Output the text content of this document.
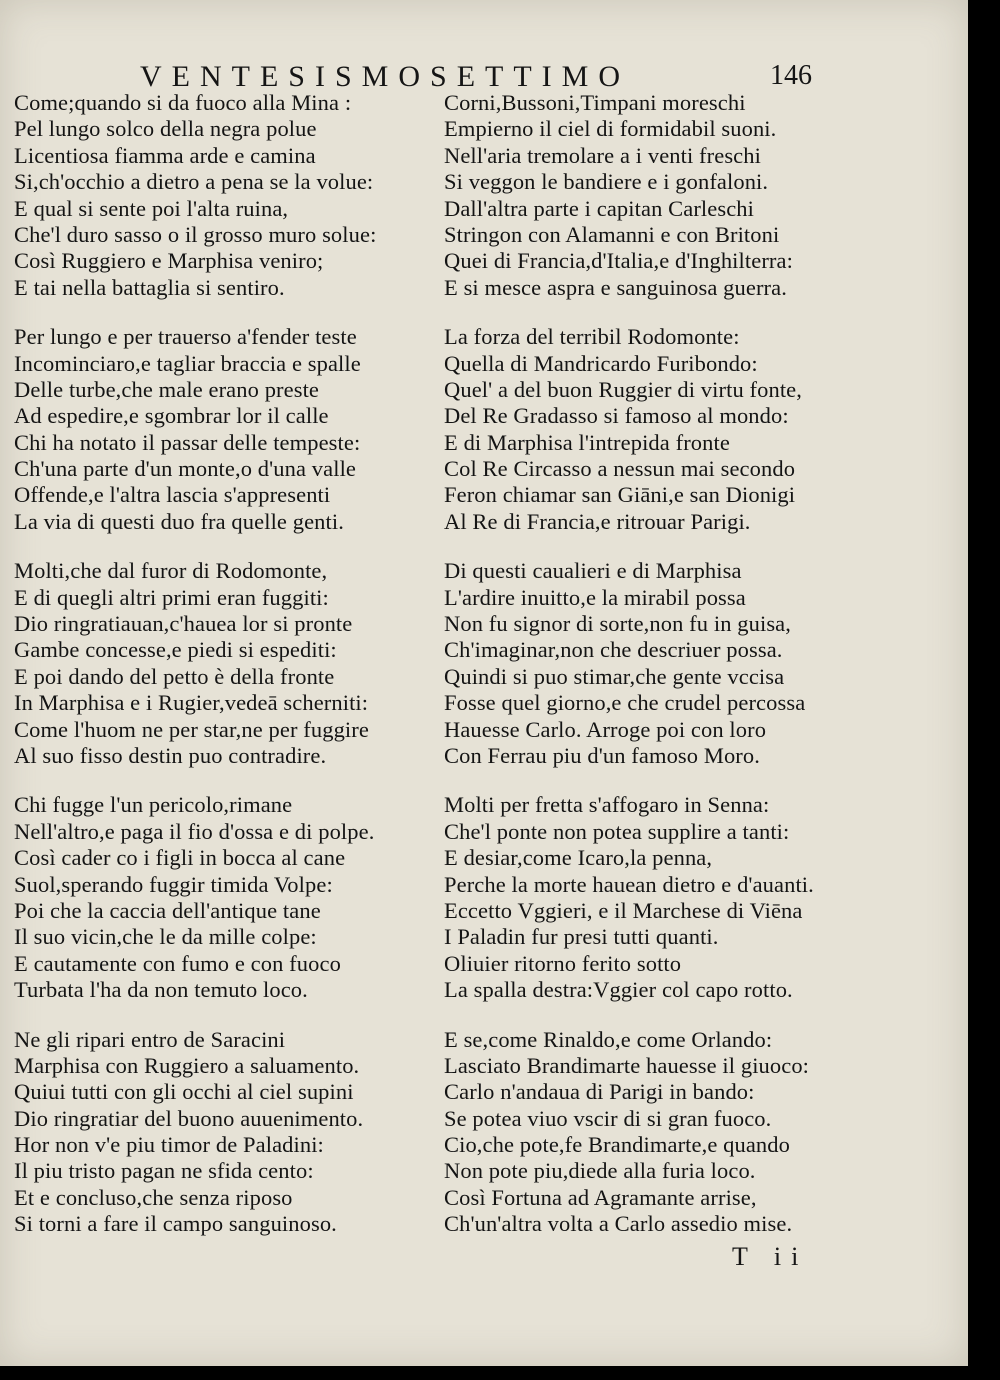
VENTESISMOSETTIMO	146
Come;quando si da fuoco alla Mina :
Pel lungo solco della negra polue
Licentiosa fiamma arde e camina
Si,ch'occhio a dietro a pena se la volue:
E qual si sente poi l'alta ruina,
Che'l duro sasso o il grosso muro solue:
Così Ruggiero e Marphisa veniro;
E tai nella battaglia si sentiro.
Per lungo e per trauerso a'fender teste
Incominciaro,e tagliar braccia e spalle
Delle turbe,che male erano preste
Ad espedire,e sgombrar lor il calle
Chi ha notato il passar delle tempeste:
Ch'una parte d'un monte,o d'una valle
Offende,e l'altra lascia s'appresenti
La via di questi duo fra quelle genti.
Molti,che dal furor di Rodomonte,
E di quegli altri primi eran fuggiti:
Dio ringratiauan,c'hauea lor si pronte
Gambe concesse,e piedi si espediti:
E poi dando del petto è della fronte
In Marphisa e i Rugier,vedeā scherniti:
Come l'huom ne per star,ne per fuggire
Al suo fisso destin puo contradire.
Chi fugge l'un pericolo,rimane
Nell'altro,e paga il fio d'ossa e di polpe.
Così cader co i figli in bocca al cane
Suol,sperando fuggir timida Volpe:
Poi che la caccia dell'antique tane
Il suo vicin,che le da mille colpe:
E cautamente con fumo e con fuoco
Turbata l'ha da non temuto loco.
Ne gli ripari entro de Saracini
Marphisa con Ruggiero a saluamento.
Quiui tutti con gli occhi al ciel supini
Dio ringratiar del buono auuenimento.
Hor non v'e piu timor de Paladini:
Il piu tristo pagan ne sfida cento:
Et e concluso,che senza riposo
Si torni a fare il campo sanguinoso.
Corni,Bussoni,Timpani moreschi
Empierno il ciel di formidabil suoni.
Nell'aria tremolare a i venti freschi
Si veggon le bandiere e i gonfaloni.
Dall'altra parte i capitan Carleschi
Stringon con Alamanni e con Britoni
Quei di Francia,d'Italia,e d'Inghilterra:
E si mesce aspra e sanguinosa guerra.
La forza del terribil Rodomonte:
Quella di Mandricardo Furibondo:
Quel' a del buon Ruggier di virtu fonte,
Del Re Gradasso si famoso al mondo:
E di Marphisa l'intrepida fronte
Col Re Circasso a nessun mai secondo
Feron chiamar san Giāni,e san Dionigi
Al Re di Francia,e ritrouar Parigi.
Di questi caualieri e di Marphisa
L'ardire inuitto,e la mirabil possa
Non fu signor di sorte,non fu in guisa,
Ch'imaginar,non che descriuer possa.
Quindi si puo stimar,che gente vccisa
Fosse quel giorno,e che crudel percossa
Hauesse Carlo. Arroge poi con loro
Con Ferrau piu d'un famoso Moro.
Molti per fretta s'affogaro in Senna:
Che'l ponte non potea supplire a tanti:
E desiar,come Icaro,la penna,
Perche la morte hauean dietro e d'auanti.
Eccetto Vggieri, e il Marchese di Viēna
I Paladin fur presi tutti quanti.
Oliuier ritorno ferito sotto
La spalla destra:Vggier col capo rotto.
E se,come Rinaldo,e come Orlando:
Lasciato Brandimarte hauesse il giuoco:
Carlo n'andaua di Parigi in bando:
Se potea viuo vscir di si gran fuoco.
Cio,che pote,fe Brandimarte,e quando
Non pote piu,diede alla furia loco.
Così Fortuna ad Agramante arrise,
Ch'un'altra volta a Carlo assedio mise.
T ii
